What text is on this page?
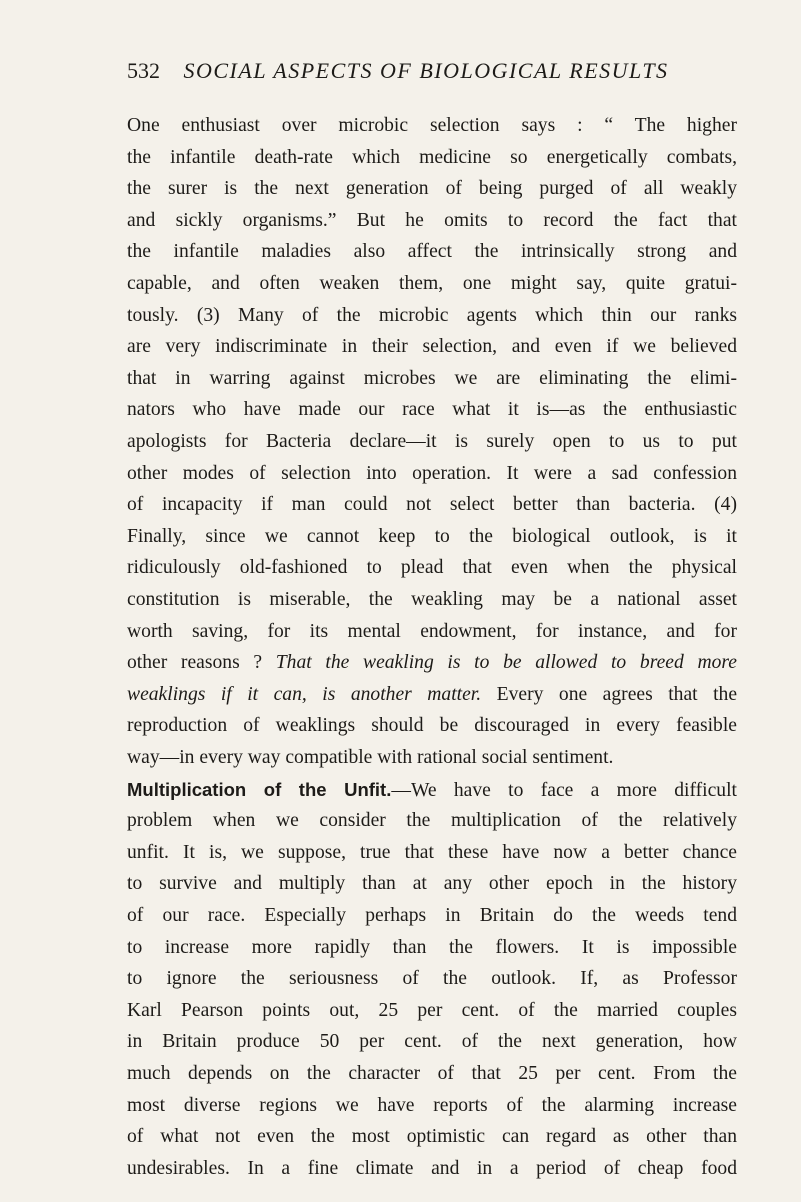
532 SOCIAL ASPECTS OF BIOLOGICAL RESULTS
One enthusiast over microbic selection says : “ The higher
the infantile death-rate which medicine so energetically combats,
the surer is the next generation of being purged of all weakly
and sickly organisms.” But he omits to record the fact that
the infantile maladies also affect the intrinsically strong and
capable, and often weaken them, one might say, quite gratui-
tously. (3) Many of the microbic agents which thin our ranks
are very indiscriminate in their selection, and even if we believed
that in warring against microbes we are eliminating the elimi-
nators who have made our race what it is—as the enthusiastic
apologists for Bacteria declare—it is surely open to us to put
other modes of selection into operation. It were a sad confession
of incapacity if man could not select better than bacteria. (4)
Finally, since we cannot keep to the biological outlook, is it
ridiculously old-fashioned to plead that even when the physical
constitution is miserable, the weakling may be a national asset
worth saving, for its mental endowment, for instance, and for
other reasons ? That the weakling is to be allowed to breed more
weaklings if it can, is another matter. Every one agrees that the
reproduction of weaklings should be discouraged in every feasible
way—in every way compatible with rational social sentiment.
Multiplication of the Unfit.—We have to face a more difficult
problem when we consider the multiplication of the relatively
unfit. It is, we suppose, true that these have now a better chance
to survive and multiply than at any other epoch in the history
of our race. Especially perhaps in Britain do the weeds tend
to increase more rapidly than the flowers. It is impossible
to ignore the seriousness of the outlook. If, as Professor
Karl Pearson points out, 25 per cent. of the married couples
in Britain produce 50 per cent. of the next generation, how
much depends on the character of that 25 per cent. From the
most diverse regions we have reports of the alarming increase
of what not even the most optimistic can regard as other than
undesirables. In a fine climate and in a period of cheap food
